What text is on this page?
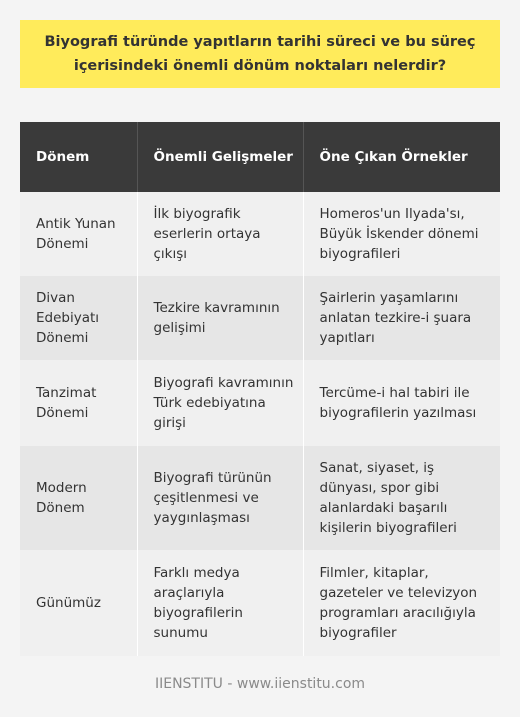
Biyografi türünde yapıtların tarihi süreci ve bu süreç içerisindeki önemli dönüm noktaları nelerdir?
Dönem	Önemli Gelişmeler	Öne Çıkan Örnekler
Antik Yunan Dönemi	İlk biyografik eserlerin ortaya çıkışı	Homeros'un Ilyada'sı, Büyük İskender dönemi biyografileri
Divan Edebiyatı Dönemi	Tezkire kavramının gelişimi	Şairlerin yaşamlarını anlatan tezkire-i şuara yapıtları
Tanzimat Dönemi	Biyografi kavramının Türk edebiyatına girişi	Tercüme-i hal tabiri ile biyografilerin yazılması
Modern Dönem	Biyografi türünün çeşitlenmesi ve yaygınlaşması	Sanat, siyaset, iş dünyası, spor gibi alanlardaki başarılı kişilerin biyografileri
Günümüz	Farklı medya araçlarıyla biyografilerin sunumu	Filmler, kitaplar, gazeteler ve televizyon programları aracılığıyla biyografiler
IIENSTITU - www.iienstitu.com
